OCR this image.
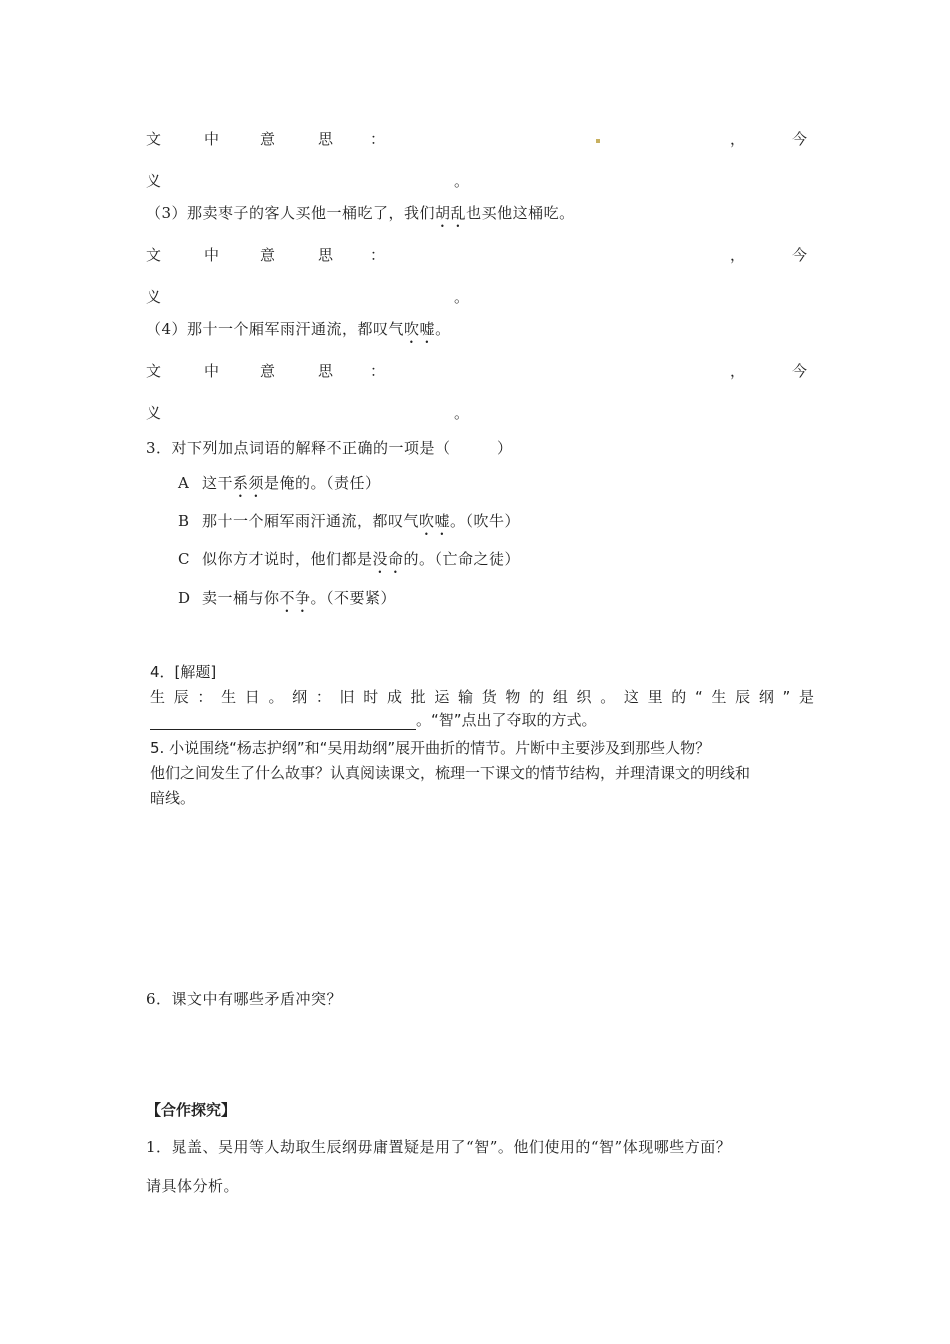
文	中	意	思 ：	，	今
义	。
（3）那卖枣子的客人买他一桶吃了，我们胡乱也买他这桶吃。
文	中	意	思 ：	，	今
义	。
（4）那十一个厢军雨汗通流，都叹气吹嘘。
文	中	意	思 ：	，	今
义	。
3．对下列加点词语的解释不正确的一项是（　　　）
A 这干系须是俺的。（责任）
B 那十一个厢军雨汗通流，都叹气吹嘘。（吹牛）
C 似你方才说时，他们都是没命的。（亡命之徒）
D 卖一桶与你不争。（不要紧）
4．[解题]
生辰：生日。纲：旧时成批运输货物的组织。这里的“生辰纲”是
。“智”点出了夺取的方式。
5. 小说围绕“杨志护纲”和“吴用劫纲”展开曲折的情节。片断中主要涉及到那些人物？
他们之间发生了什么故事？认真阅读课文，梳理一下课文的情节结构，并理清课文的明线和
暗线。
6．课文中有哪些矛盾冲突？
【合作探究】
1．晁盖、吴用等人劫取生辰纲毋庸置疑是用了“智”。他们使用的“智”体现哪些方面？
请具体分析。
